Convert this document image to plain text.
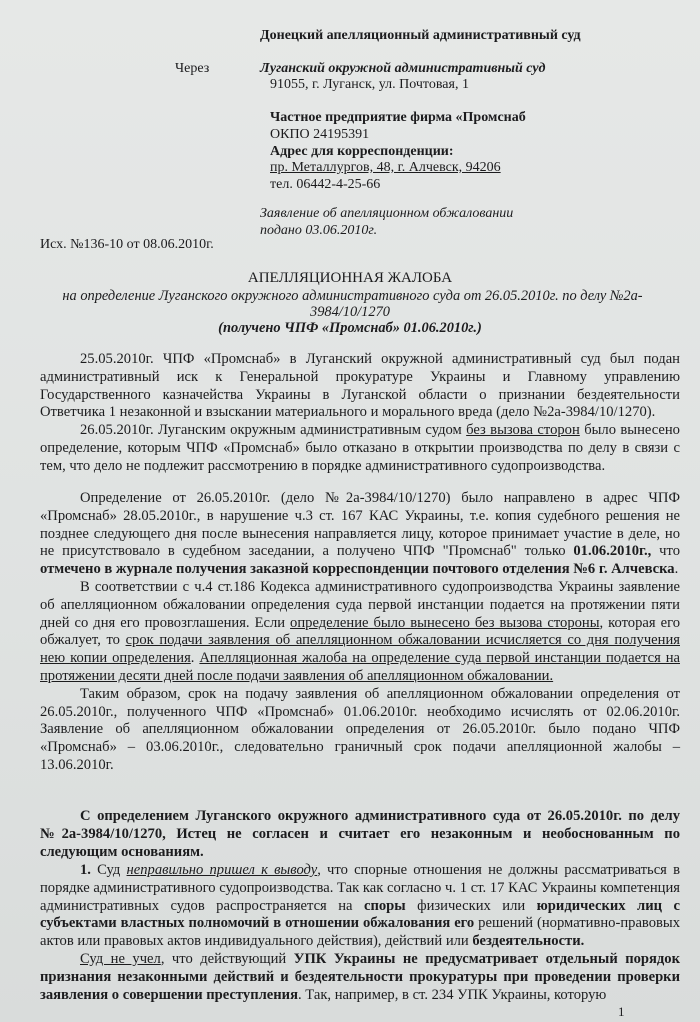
Донецкий апелляционный административный суд
Через	Луганский окружной административный суд
91055, г. Луганск, ул. Почтовая, 1
Частное предприятие фирма «Промснаб
ОКПО 24195391
Адрес для корреспонденции:
пр. Металлургов, 48, г. Алчевск, 94206
тел. 06442-4-25-66
Заявление об апелляционном обжаловании
подано 03.06.2010г.
Исх. №136-10 от 08.06.2010г.
АПЕЛЛЯЦИОННАЯ ЖАЛОБА
на определение Луганского окружного административного суда от 26.05.2010г. по делу №2а-
3984/10/1270
(получено ЧПФ «Промснаб» 01.06.2010г.)

25.05.2010г. ЧПФ «Промснаб» в Луганский окружной административный суд был подан административный иск к Генеральной прокуратуре Украины и Главному управлению Государственного казначейства Украины в Луганской области о признании бездеятельности Ответчика 1 незаконной и взыскании материального и морального вреда (дело №2а-3984/10/1270).

26.05.2010г. Луганским окружным административным судом без вызова сторон было вынесено определение, которым ЧПФ «Промснаб» было отказано в открытии производства по делу в связи с тем, что дело не подлежит рассмотрению в порядке административного судопроизводства.

Определение от 26.05.2010г. (дело №2а-3984/10/1270) было направлено в адрес ЧПФ «Промснаб» 28.05.2010г., в нарушение ч.3 ст. 167 КАС Украины, т.е. копия судебного решения не позднее следующего дня после вынесения направляется лицу, которое принимает участие в деле, но не присутствовало в судебном заседании, а получено ЧПФ "Промснаб" только 01.06.2010г., что отмечено в журнале получения заказной корреспонденции почтового отделения №6 г. Алчевска.

В соответствии с ч.4 ст.186 Кодекса административного судопроизводства Украины заявление об апелляционном обжаловании определения суда первой инстанции подается на протяжении пяти дней со дня его провозглашения. Если определение было вынесено без вызова стороны, которая его обжалует, то срок подачи заявления об апелляционном обжаловании исчисляется со дня получения нею копии определения. Апелляционная жалоба на определение суда первой инстанции подается на протяжении десяти дней после подачи заявления об апелляционном обжаловании.

Таким образом, срок на подачу заявления об апелляционном обжаловании определения от 26.05.2010г., полученного ЧПФ «Промснаб» 01.06.2010г. необходимо исчислять от 02.06.2010г. Заявление об апелляционном обжаловании определения от 26.05.2010г. было подано ЧПФ «Промснаб» – 03.06.2010г., следовательно граничный срок подачи апелляционной жалобы – 13.06.2010г.

С определением Луганского окружного административного суда от 26.05.2010г. по делу №2а-3984/10/1270, Истец не согласен и считает его незаконным и необоснованным по следующим основаниям.

1. Суд неправильно пришел к выводу, что спорные отношения не должны рассматриваться в порядке административного судопроизводства. Так как согласно ч. 1 ст. 17 КАС Украины компетенция административных судов распространяется на споры физических или юридических лиц с субъектами властных полномочий в отношении обжалования его решений (нормативно-правовых актов или правовых актов индивидуального действия), действий или бездеятельности.

Суд не учел, что действующий УПК Украины не предусматривает отдельный порядок признания незаконными действий и бездеятельности прокуратуры при проведении проверки заявления о совершении преступления. Так, например, в ст. 234 УПК Украины, которую

1
